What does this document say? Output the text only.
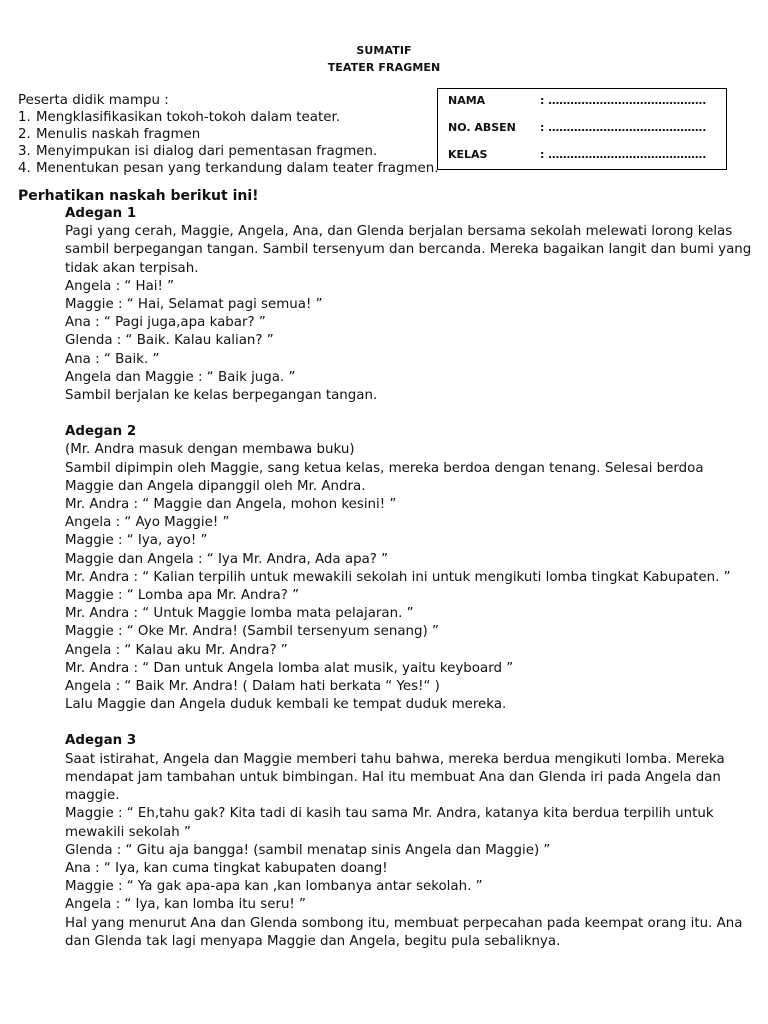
SUMATIF
TEATER FRAGMEN
Peserta didik mampu :
1. Mengklasifikasikan tokoh-tokoh dalam teater.
2. Menulis naskah fragmen
3. Menyimpukan isi dialog dari pementasan fragmen.
4. Menentukan pesan yang terkandung dalam teater fragmen.
NAMA	: …………………………………….
NO. ABSEN : …………………………………….
KELAS	: …………………………………….
Perhatikan naskah berikut ini!
Adegan 1

Pagi yang cerah, Maggie, Angela, Ana, dan Glenda berjalan bersama sekolah melewati lorong kelas sambil berpegangan tangan. Sambil tersenyum dan bercanda. Mereka bagaikan langit dan bumi yang tidak akan terpisah.

Angela : “ Hai! ”

Maggie : “ Hai, Selamat pagi semua! ”

Ana : “ Pagi juga,apa kabar? ”

Glenda : “ Baik. Kalau kalian? ”

Ana : “ Baik. ”

Angela dan Maggie : “ Baik juga. ”

Sambil berjalan ke kelas berpegangan tangan.

Adegan 2

(Mr. Andra masuk dengan membawa buku)

Sambil dipimpin oleh Maggie, sang ketua kelas, mereka berdoa dengan tenang. Selesai berdoa Maggie dan Angela dipanggil oleh Mr. Andra.

Mr. Andra : “ Maggie dan Angela, mohon kesini! ”

Angela : “ Ayo Maggie! ”

Maggie : “ Iya, ayo! ”

Maggie dan Angela : “ Iya Mr. Andra, Ada apa? ”

Mr. Andra : “ Kalian terpilih untuk mewakili sekolah ini untuk mengikuti lomba tingkat Kabupaten. ”

Maggie : “ Lomba apa Mr. Andra? ”

Mr. Andra : “ Untuk Maggie lomba mata pelajaran. ”

Maggie : “ Oke Mr. Andra! (Sambil tersenyum senang) ”

Angela : “ Kalau aku Mr. Andra? ”

Mr. Andra : “ Dan untuk Angela lomba alat musik, yaitu keyboard ”

Angela : “ Baik Mr. Andra! ( Dalam hati berkata “ Yes!“ )

Lalu Maggie dan Angela duduk kembali ke tempat duduk mereka.

Adegan 3

Saat istirahat, Angela dan Maggie memberi tahu bahwa, mereka berdua mengikuti lomba. Mereka mendapat jam tambahan untuk bimbingan. Hal itu membuat Ana dan Glenda iri pada Angela dan maggie.

Maggie : “ Eh,tahu gak? Kita tadi di kasih tau sama Mr. Andra, katanya kita berdua terpilih untuk mewakili sekolah ”

Glenda : “ Gitu aja bangga! (sambil menatap sinis Angela dan Maggie) ”

Ana : “ Iya, kan cuma tingkat kabupaten doang!

Maggie : “ Ya gak apa-apa kan ,kan lombanya antar sekolah. ”

Angela : “ Iya, kan lomba itu seru! ”

Hal yang menurut Ana dan Glenda sombong itu, membuat perpecahan pada keempat orang itu. Ana dan Glenda tak lagi menyapa Maggie dan Angela, begitu pula sebaliknya.
